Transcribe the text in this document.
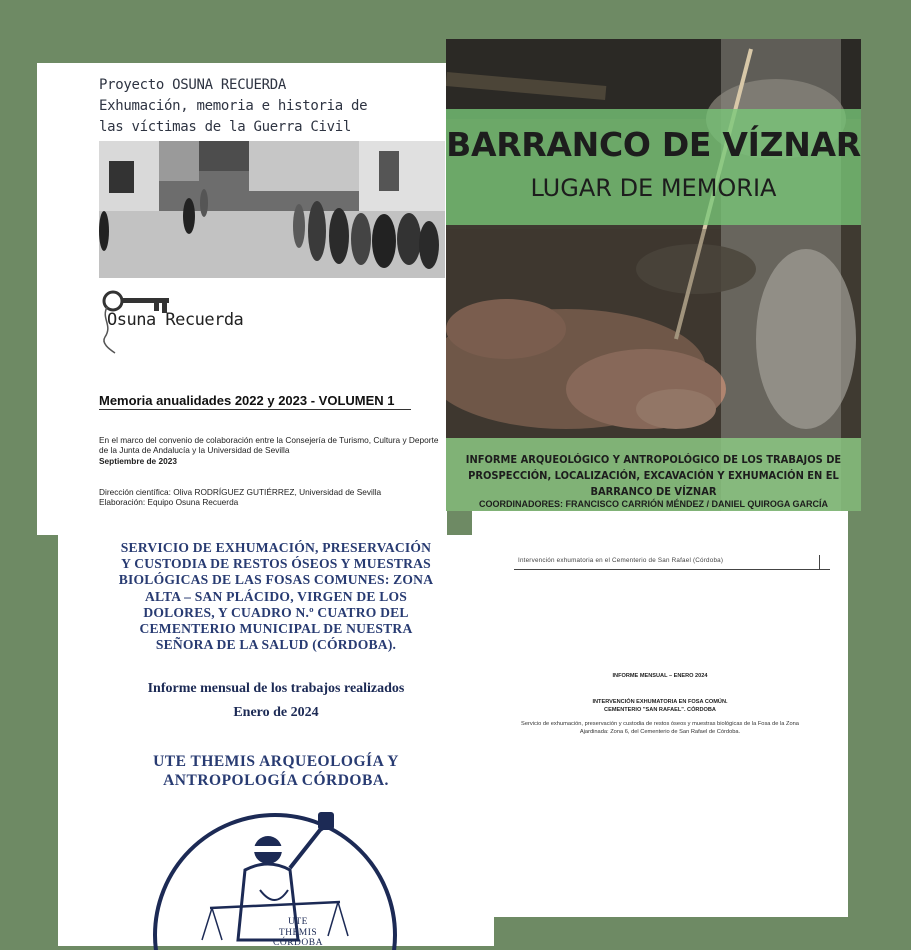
Proyecto OSUNA RECUERDA
Exhumación, memoria e historia de
las víctimas de la Guerra Civil
Osuna Recuerda
Memoria anualidades 2022 y 2023 - VOLUMEN 1
En el marco del convenio de colaboración entre la Consejería de Turismo, Cultura y Deporte de la Junta de Andalucía y la Universidad de Sevilla
Septiembre de 2023
Dirección científica: Oliva RODRÍGUEZ GUTIÉRREZ, Universidad de Sevilla
Elaboración: Equipo Osuna Recuerda
BARRANCO DE VÍZNAR
LUGAR DE MEMORIA
INFORME ARQUEOLÓGICO Y ANTROPOLÓGICO DE LOS TRABAJOS DE PROSPECCIÓN, LOCALIZACIÓN, EXCAVACIÓN Y EXHUMACIÓN EN EL BARRANCO DE VÍZNAR
COORDINADORES: FRANCISCO CARRIÓN MÉNDEZ / DANIEL QUIROGA GARCÍA
Intervención exhumatoria en el Cementerio de San Rafael (Córdoba)
INFORME MENSUAL – ENERO 2024
INTERVENCIÓN EXHUMATORIA EN FOSA COMÚN.
CEMENTERIO "SAN RAFAEL". CÓRDOBA
Servicio de exhumación, preservación y custodia de restos óseos y muestras biológicas de la Fosa de la Zona Ajardinada: Zona 6, del Cementerio de San Rafael de Córdoba.
SERVICIO DE EXHUMACIÓN, PRESERVACIÓN
Y CUSTODIA DE RESTOS ÓSEOS Y MUESTRAS
BIOLÓGICAS DE LAS FOSAS COMUNES: ZONA
ALTA – SAN PLÁCIDO, VIRGEN DE LOS
DOLORES, Y CUADRO N.º CUATRO DEL
CEMENTERIO MUNICIPAL DE NUESTRA
SEÑORA DE LA SALUD (CÓRDOBA).
Informe mensual de los trabajos realizados
Enero de 2024
UTE THEMIS ARQUEOLOGÍA Y
ANTROPOLOGÍA CÓRDOBA.
UTE
THEMIS
CÓRDOBA
